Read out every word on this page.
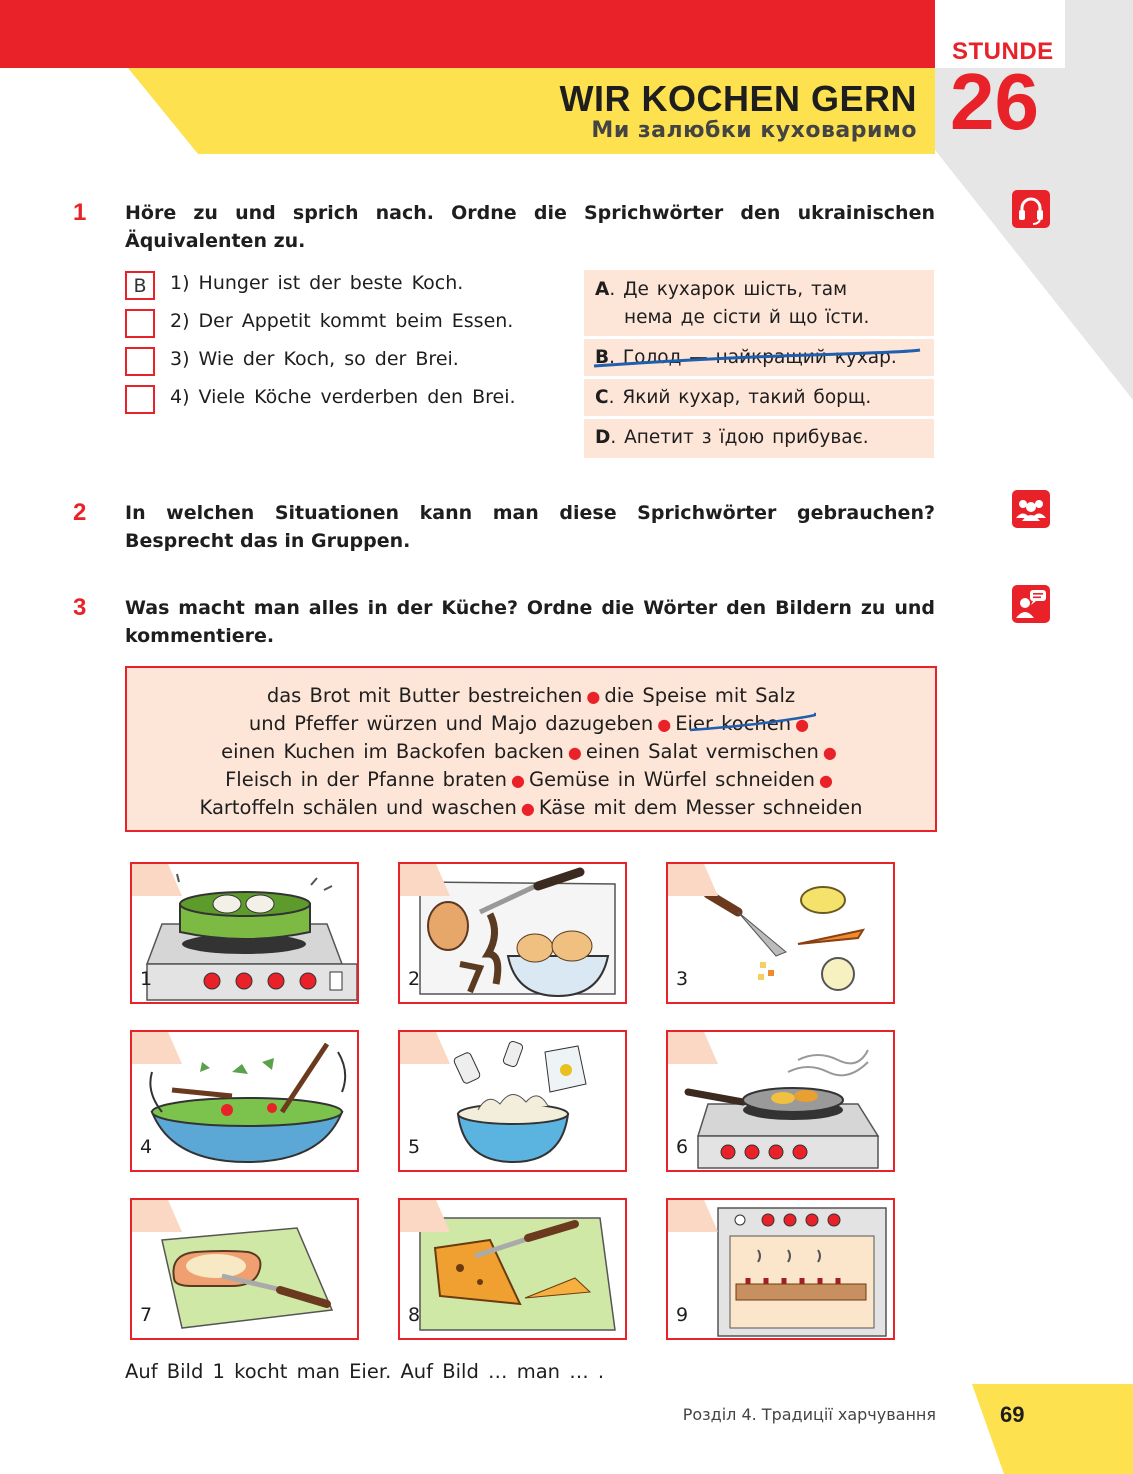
WIR KOCHEN GERN
Ми залюбки куховаримо
STUNDE
26
1 Höre zu und sprich nach. Ordne die Sprichwörter den ukrainischen Äquivalenten zu.
B	1) Hunger ist der beste Koch.
2) Der Appetit kommt beim Essen.
3) Wie der Koch, so der Brei.
4) Viele Köche verderben den Brei.
A. Де кухарок шість, там
нема де сісти й що їсти.
B. Голод — найкращий кухар.
C. Який кухар, такий борщ.
D. Апетит з їдою прибуває.
2 In welchen Situationen kann man diese Sprichwörter gebrauchen? Besprecht das in Gruppen.
3 Was macht man alles in der Küche? Ordne die Wörter den Bildern zu und kommentiere.
das Brot mit Butter bestreichen ● die Speise mit Salz
und Pfeffer würzen und Majo dazugeben ● Eier kochen ●
einen Kuchen im Backofen backen ● einen Salat vermischen ●
Fleisch in der Pfanne braten ● Gemüse in Würfel schneiden ●
Kartoffeln schälen und waschen ● Käse mit dem Messer schneiden
1	2	3
4	5	6
7	8	9
Auf Bild 1 kocht man Eier. Auf Bild … man … .
Розділ 4. Традиції харчування	69
